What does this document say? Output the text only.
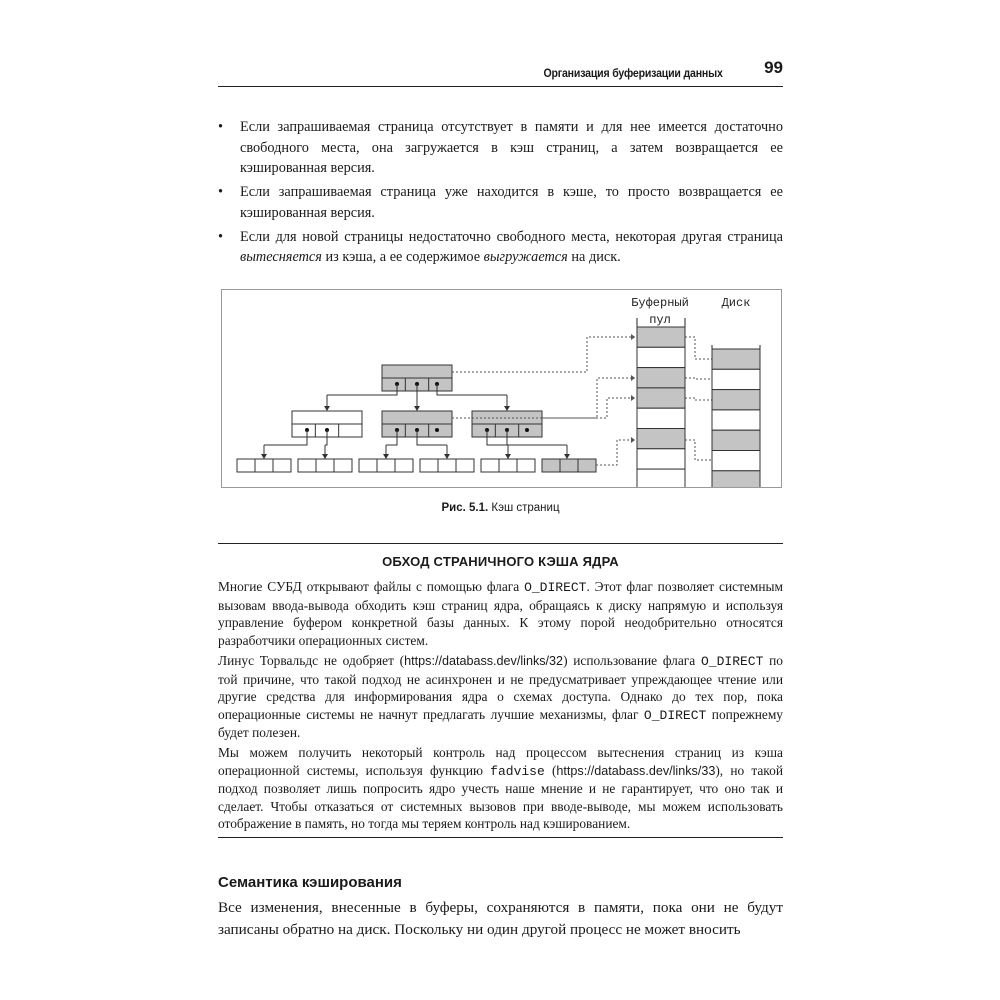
Организация буферизации данных 99
• Если запрашиваемая страница отсутствует в памяти и для нее имеется достаточно свободного места, она загружается в кэш страниц, а затем возвращается ее кэшированная версия.
• Если запрашиваемая страница уже находится в кэше, то просто возвращается ее кэшированная версия.
• Если для новой страницы недостаточно свободного места, некоторая другая страница вытесняется из кэша, а ее содержимое выгружается на диск.
Буферный
пул
Диск
Рис. 5.1. Кэш страниц
ОБХОД СТРАНИЧНОГО КЭША ЯДРА

Многие СУБД открывают файлы с помощью флага O_DIRECT. Этот флаг позволяет системным вызовам ввода-вывода обходить кэш страниц ядра, обращаясь к диску напрямую и используя управление буфером конкретной базы данных. К этому порой неодобрительно относятся разработчики операционных систем.

Линус Торвальдс не одобряет (https://databass.dev/links/32) использование флага O_DIRECT по той причине, что такой подход не асинхронен и не предусматривает упреждающее чтение или другие средства для информирования ядра о схемах доступа. Однако до тех пор, пока операционные системы не начнут предлагать лучшие механизмы, флаг O_DIRECT попрежнему будет полезен.

Мы можем получить некоторый контроль над процессом вытеснения страниц из кэша операционной системы, используя функцию fadvise (https://databass.dev/links/33), но такой подход позволяет лишь попросить ядро учесть наше мнение и не гарантирует, что оно так и сделает. Чтобы отказаться от системных вызовов при вводе-выводе, мы можем использовать отображение в память, но тогда мы теряем контроль над кэшированием.

Семантика кэширования

Все изменения, внесенные в буферы, сохраняются в памяти, пока они не будут записаны обратно на диск. Поскольку ни один другой процесс не может вносить
